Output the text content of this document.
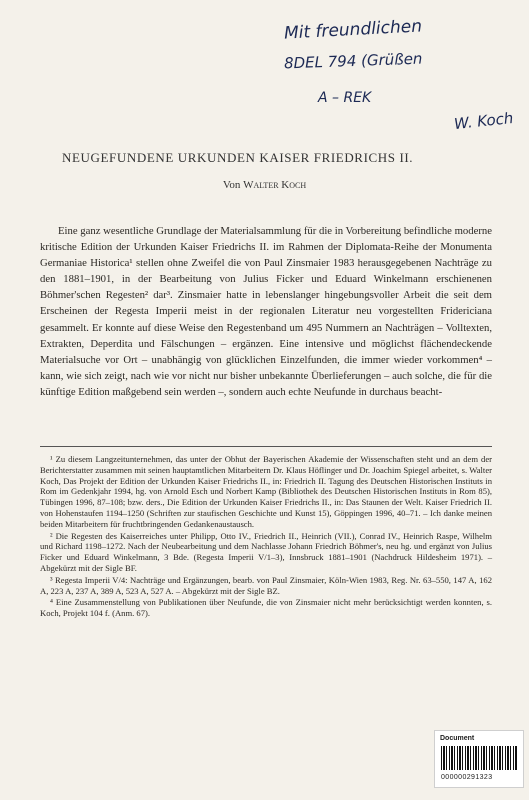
Mit freundlichen
8DEL 794 (Grüßen
A – REK
W. Koch
NEUGEFUNDENE URKUNDEN KAISER FRIEDRICHS II.
Von Walter Koch

Eine ganz wesentliche Grundlage der Materialsammlung für die in Vorbereitung befindliche moderne kritische Edition der Urkunden Kaiser Friedrichs II. im Rahmen der Diplomata-Reihe der Monumenta Germaniae Historica¹ stellen ohne Zweifel die von Paul Zinsmaier 1983 herausgegebenen Nachträge zu den 1881–1901, in der Bearbeitung von Julius Ficker und Eduard Winkelmann erschienenen Böhmer'schen Regesten² dar³. Zinsmaier hatte in lebenslanger hingebungsvoller Arbeit die seit dem Erscheinen der Regesta Imperii meist in der regionalen Literatur neu vorgestellten Fridericiana gesammelt. Er konnte auf diese Weise den Regestenband um 495 Nummern an Nachträgen – Volltexten, Extrakten, Deperdita und Fälschungen – ergänzen. Eine intensive und möglichst flächendeckende Materialsuche vor Ort – unabhängig von glücklichen Einzelfunden, die immer wieder vorkommen⁴ – kann, wie sich zeigt, nach wie vor nicht nur bisher unbekannte Überlieferungen – auch solche, die für die künftige Edition maßgebend sein werden –, sondern auch echte Neufunde in durchaus beacht-

¹ Zu diesem Langzeitunternehmen, das unter der Obhut der Bayerischen Akademie der Wissenschaften steht und an dem der Berichterstatter zusammen mit seinen hauptamtlichen Mitarbeitern Dr. Klaus Höflinger und Dr. Joachim Spiegel arbeitet, s. Walter Koch, Das Projekt der Edition der Urkunden Kaiser Friedrichs II., in: Friedrich II. Tagung des Deutschen Historischen Instituts in Rom im Gedenkjahr 1994, hg. von Arnold Esch und Norbert Kamp (Bibliothek des Deutschen Historischen Instituts in Rom 85), Tübingen 1996, 87–108; bzw. ders., Die Edition der Urkunden Kaiser Friedrichs II., in: Das Staunen der Welt. Kaiser Friedrich II. von Hohenstaufen 1194–1250 (Schriften zur staufischen Geschichte und Kunst 15), Göppingen 1996, 40–71. – Ich danke meinen beiden Mitarbeitern für fruchtbringenden Gedankenaustausch.

² Die Regesten des Kaiserreiches unter Philipp, Otto IV., Friedrich II., Heinrich (VII.), Conrad IV., Heinrich Raspe, Wilhelm und Richard 1198–1272. Nach der Neubearbeitung und dem Nachlasse Johann Friedrich Böhmer's, neu hg. und ergänzt von Julius Ficker und Eduard Winkelmann, 3 Bde. (Regesta Imperii V/1–3), Innsbruck 1881–1901 (Nachdruck Hildesheim 1971). – Abgekürzt mit der Sigle BF.

³ Regesta Imperii V/4: Nachträge und Ergänzungen, bearb. von Paul Zinsmaier, Köln-Wien 1983, Reg. Nr. 63–550, 147 A, 162 A, 223 A, 237 A, 389 A, 523 A, 527 A. – Abgekürzt mit der Sigle BZ.

⁴ Eine Zusammenstellung von Publikationen über Neufunde, die von Zinsmaier nicht mehr berücksichtigt werden konnten, s. Koch, Projekt 104 f. (Anm. 67).

Document
000000291323
